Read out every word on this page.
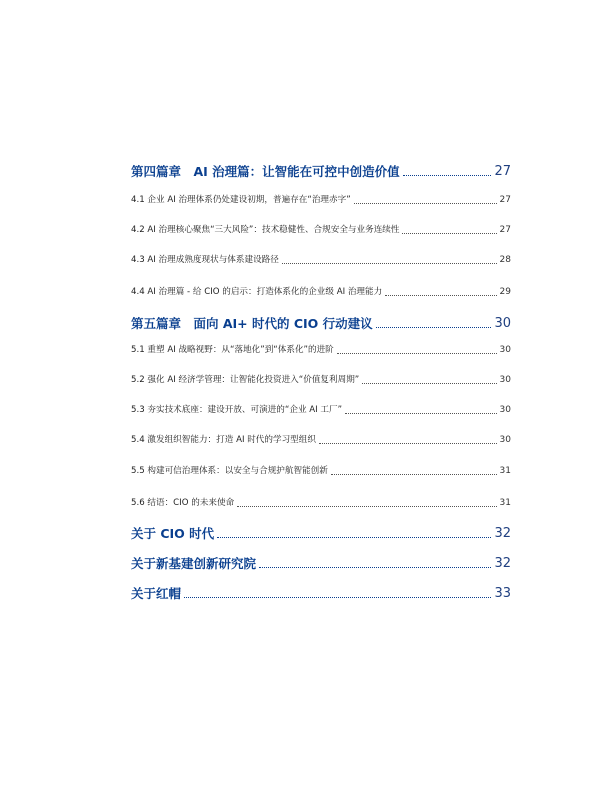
第四篇章　AI 治理篇：让智能在可控中创造价值	27
4.1 企业 AI 治理体系仍处建设初期，普遍存在“治理赤字”	27
4.2 AI 治理核心聚焦“三大风险”：技术稳健性、合规安全与业务连续性	27
4.3 AI 治理成熟度现状与体系建设路径	28
4.4 AI 治理篇 - 给 CIO 的启示：打造体系化的企业级 AI 治理能力	29
第五篇章　面向 AI+ 时代的 CIO 行动建议	30
5.1 重塑 AI 战略视野：从“落地化”到“体系化”的进阶	30
5.2 强化 AI 经济学管理：让智能化投资进入“价值复利周期”	30
5.3 夯实技术底座：建设开放、可演进的“企业 AI 工厂”	30
5.4 激发组织智能力：打造 AI 时代的学习型组织	30
5.5 构建可信治理体系：以安全与合规护航智能创新	31
5.6 结语：CIO 的未来使命	31
关于 CIO 时代	32
关于新基建创新研究院	32
关于红帽	33
